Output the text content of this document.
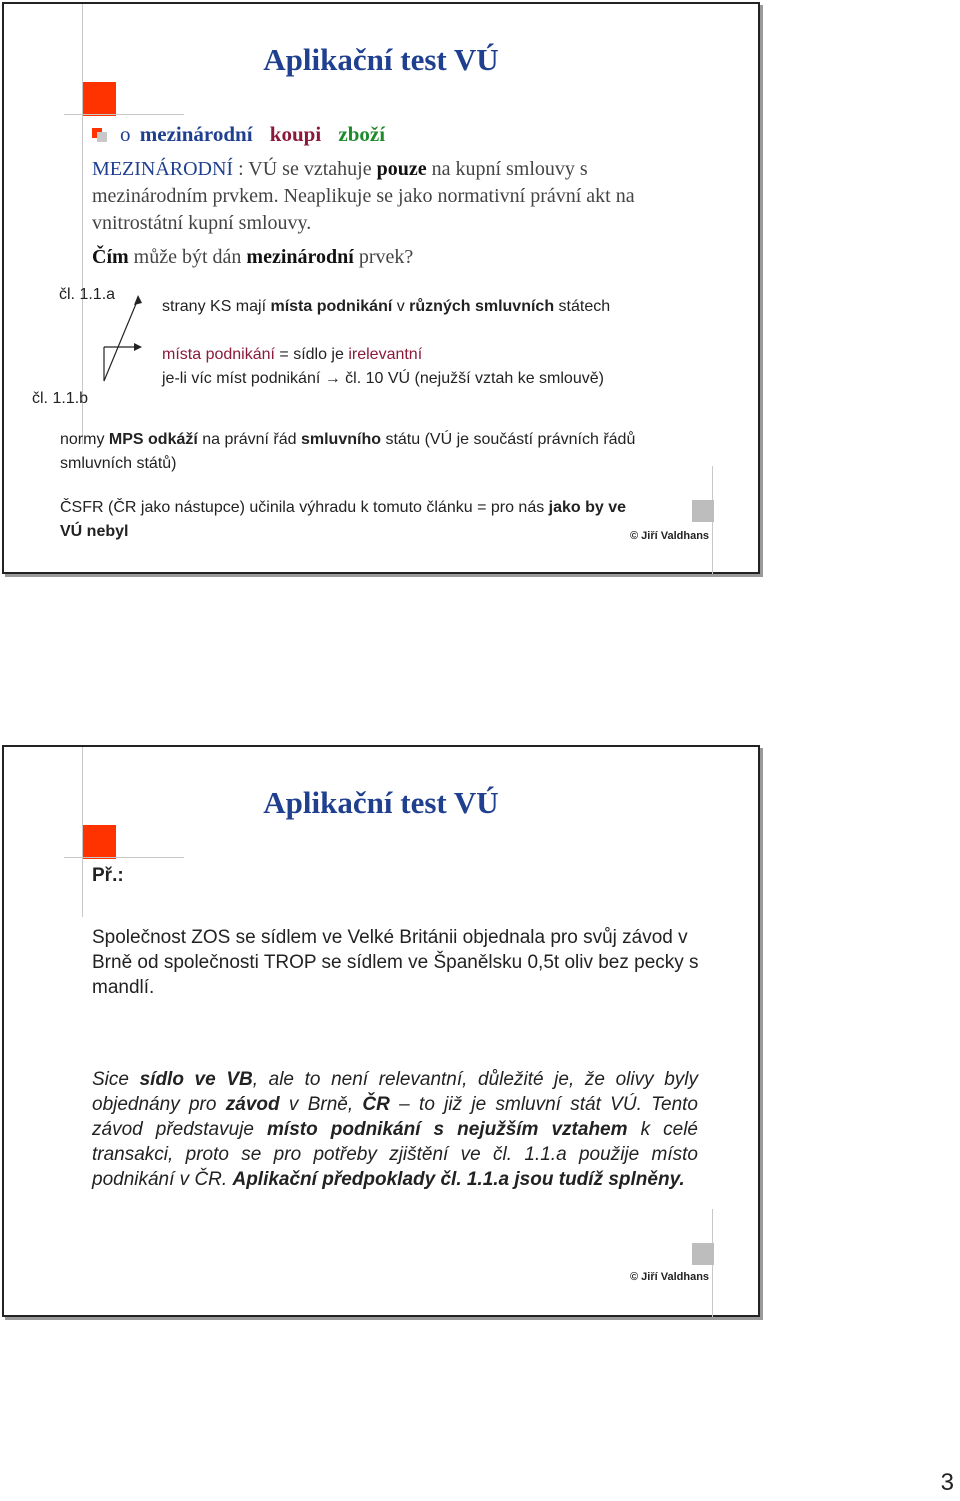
Aplikační test VÚ
o mezinárodní koupi zboží

MEZINÁRODNÍ : VÚ se vztahuje pouze na kupní smlouvy s mezinárodním prvkem. Neaplikuje se jako normativní právní akt na vnitrostátní kupní smlouvy.

Čím může být dán mezinárodní prvek?
čl. 1.1.a
čl. 1.1.b
strany KS mají místa podnikání v různých smluvních státech
místa podnikání = sídlo je irelevantní
je-li víc míst podnikání → čl. 10 VÚ (nejužší vztah ke smlouvě)

normy MPS odkáží na právní řád smluvního státu (VÚ je součástí právních řádů smluvních států)

ČSFR (ČR jako nástupce) učinila výhradu k tomuto článku = pro nás jako by ve VÚ nebyl	© Jiří Valdhans
Aplikační test VÚ
Př.:

Společnost ZOS se sídlem ve Velké Británii objednala pro svůj závod v Brně od společnosti TROP se sídlem ve Španělsku 0,5t oliv bez pecky s mandlí.

Sice sídlo ve VB, ale to není relevantní, důležité je, že olivy byly objednány pro závod v Brně, ČR – to již je smluvní stát VÚ. Tento závod představuje místo podnikání s nejužším vztahem k celé transakci, proto se pro potřeby zjištění ve čl. 1.1.a použije místo podnikání v ČR. Aplikační předpoklady čl. 1.1.a jsou tudíž splněny.

© Jiří Valdhans
3
